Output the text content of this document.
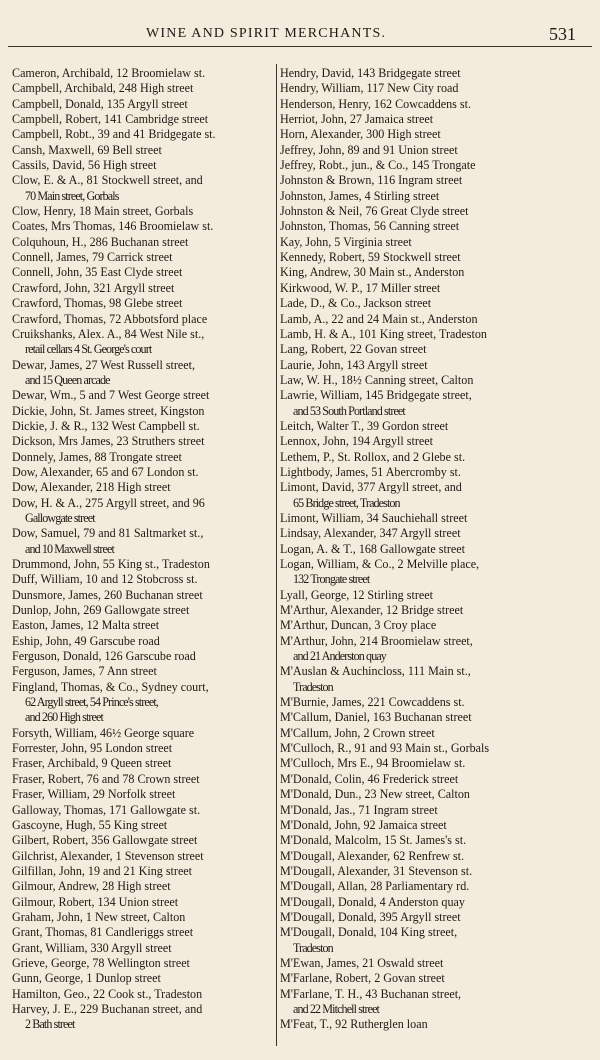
WINE AND SPIRIT MERCHANTS.	531
Cameron, Archibald, 12 Broomielaw st.
Campbell, Archibald, 248 High street
Campbell, Donald, 135 Argyll street
Campbell, Robert, 141 Cambridge street
Campbell, Robt., 39 and 41 Bridgegate st.
Cansh, Maxwell, 69 Bell street
Cassils, David, 56 High street
Clow, E. & A., 81 Stockwell street, and
70 Main street, Gorbals
Clow, Henry, 18 Main street, Gorbals
Coates, Mrs Thomas, 146 Broomielaw st.
Colquhoun, H., 286 Buchanan street
Connell, James, 79 Carrick street
Connell, John, 35 East Clyde street
Crawford, John, 321 Argyll street
Crawford, Thomas, 98 Glebe street
Crawford, Thomas, 72 Abbotsford place
Cruikshanks, Alex. A., 84 West Nile st.,
retail cellars 4 St. George's court
Dewar, James, 27 West Russell street,
and 15 Queen arcade
Dewar, Wm., 5 and 7 West George street
Dickie, John, St. James street, Kingston
Dickie, J. & R., 132 West Campbell st.
Dickson, Mrs James, 23 Struthers street
Donnely, James, 88 Trongate street
Dow, Alexander, 65 and 67 London st.
Dow, Alexander, 218 High street
Dow, H. & A., 275 Argyll street, and 96
Gallowgate street
Dow, Samuel, 79 and 81 Saltmarket st.,
and 10 Maxwell street
Drummond, John, 55 King st., Tradeston
Duff, William, 10 and 12 Stobcross st.
Dunsmore, James, 260 Buchanan street
Dunlop, John, 269 Gallowgate street
Easton, James, 12 Malta street
Eship, John, 49 Garscube road
Ferguson, Donald, 126 Garscube road
Ferguson, James, 7 Ann street
Fingland, Thomas, & Co., Sydney court,
62 Argyll street, 54 Prince's street,
and 260 High street
Forsyth, William, 46½ George square
Forrester, John, 95 London street
Fraser, Archibald, 9 Queen street
Fraser, Robert, 76 and 78 Crown street
Fraser, William, 29 Norfolk street
Galloway, Thomas, 171 Gallowgate st.
Gascoyne, Hugh, 55 King street
Gilbert, Robert, 356 Gallowgate street
Gilchrist, Alexander, 1 Stevenson street
Gilfillan, John, 19 and 21 King street
Gilmour, Andrew, 28 High street
Gilmour, Robert, 134 Union street
Graham, John, 1 New street, Calton
Grant, Thomas, 81 Candleriggs street
Grant, William, 330 Argyll street
Grieve, George, 78 Wellington street
Gunn, George, 1 Dunlop street
Hamilton, Geo., 22 Cook st., Tradeston
Harvey, J. E., 229 Buchanan street, and
2 Bath street
Hendry, David, 143 Bridgegate street
Hendry, William, 117 New City road
Henderson, Henry, 162 Cowcaddens st.
Herriot, John, 27 Jamaica street
Horn, Alexander, 300 High street
Jeffrey, John, 89 and 91 Union street
Jeffrey, Robt., jun., & Co., 145 Trongate
Johnston & Brown, 116 Ingram street
Johnston, James, 4 Stirling street
Johnston & Neil, 76 Great Clyde street
Johnston, Thomas, 56 Canning street
Kay, John, 5 Virginia street
Kennedy, Robert, 59 Stockwell street
King, Andrew, 30 Main st., Anderston
Kirkwood, W. P., 17 Miller street
Lade, D., & Co., Jackson street
Lamb, A., 22 and 24 Main st., Anderston
Lamb, H. & A., 101 King street, Tradeston
Lang, Robert, 22 Govan street
Laurie, John, 143 Argyll street
Law, W. H., 18½ Canning street, Calton
Lawrie, William, 145 Bridgegate street,
and 53 South Portland street
Leitch, Walter T., 39 Gordon street
Lennox, John, 194 Argyll street
Lethem, P., St. Rollox, and 2 Glebe st.
Lightbody, James, 51 Abercromby st.
Limont, David, 377 Argyll street, and
65 Bridge street, Tradeston
Limont, William, 34 Sauchiehall street
Lindsay, Alexander, 347 Argyll street
Logan, A. & T., 168 Gallowgate street
Logan, William, & Co., 2 Melville place,
132 Trongate street
Lyall, George, 12 Stirling street
M'Arthur, Alexander, 12 Bridge street
M'Arthur, Duncan, 3 Croy place
M'Arthur, John, 214 Broomielaw street,
and 21 Anderston quay
M'Auslan & Auchincloss, 111 Main st.,
Tradeston
M'Burnie, James, 221 Cowcaddens st.
M'Callum, Daniel, 163 Buchanan street
M'Callum, John, 2 Crown street
M'Culloch, R., 91 and 93 Main st., Gorbals
M'Culloch, Mrs E., 94 Broomielaw st.
M'Donald, Colin, 46 Frederick street
M'Donald, Dun., 23 New street, Calton
M'Donald, Jas., 71 Ingram street
M'Donald, John, 92 Jamaica street
M'Donald, Malcolm, 15 St. James's st.
M'Dougall, Alexander, 62 Renfrew st.
M'Dougall, Alexander, 31 Stevenson st.
M'Dougall, Allan, 28 Parliamentary rd.
M'Dougall, Donald, 4 Anderston quay
M'Dougall, Donald, 395 Argyll street
M'Dougall, Donald, 104 King street,
Tradeston
M'Ewan, James, 21 Oswald street
M'Farlane, Robert, 2 Govan street
M'Farlane, T. H., 43 Buchanan street,
and 22 Mitchell street
M'Feat, T., 92 Rutherglen loan
